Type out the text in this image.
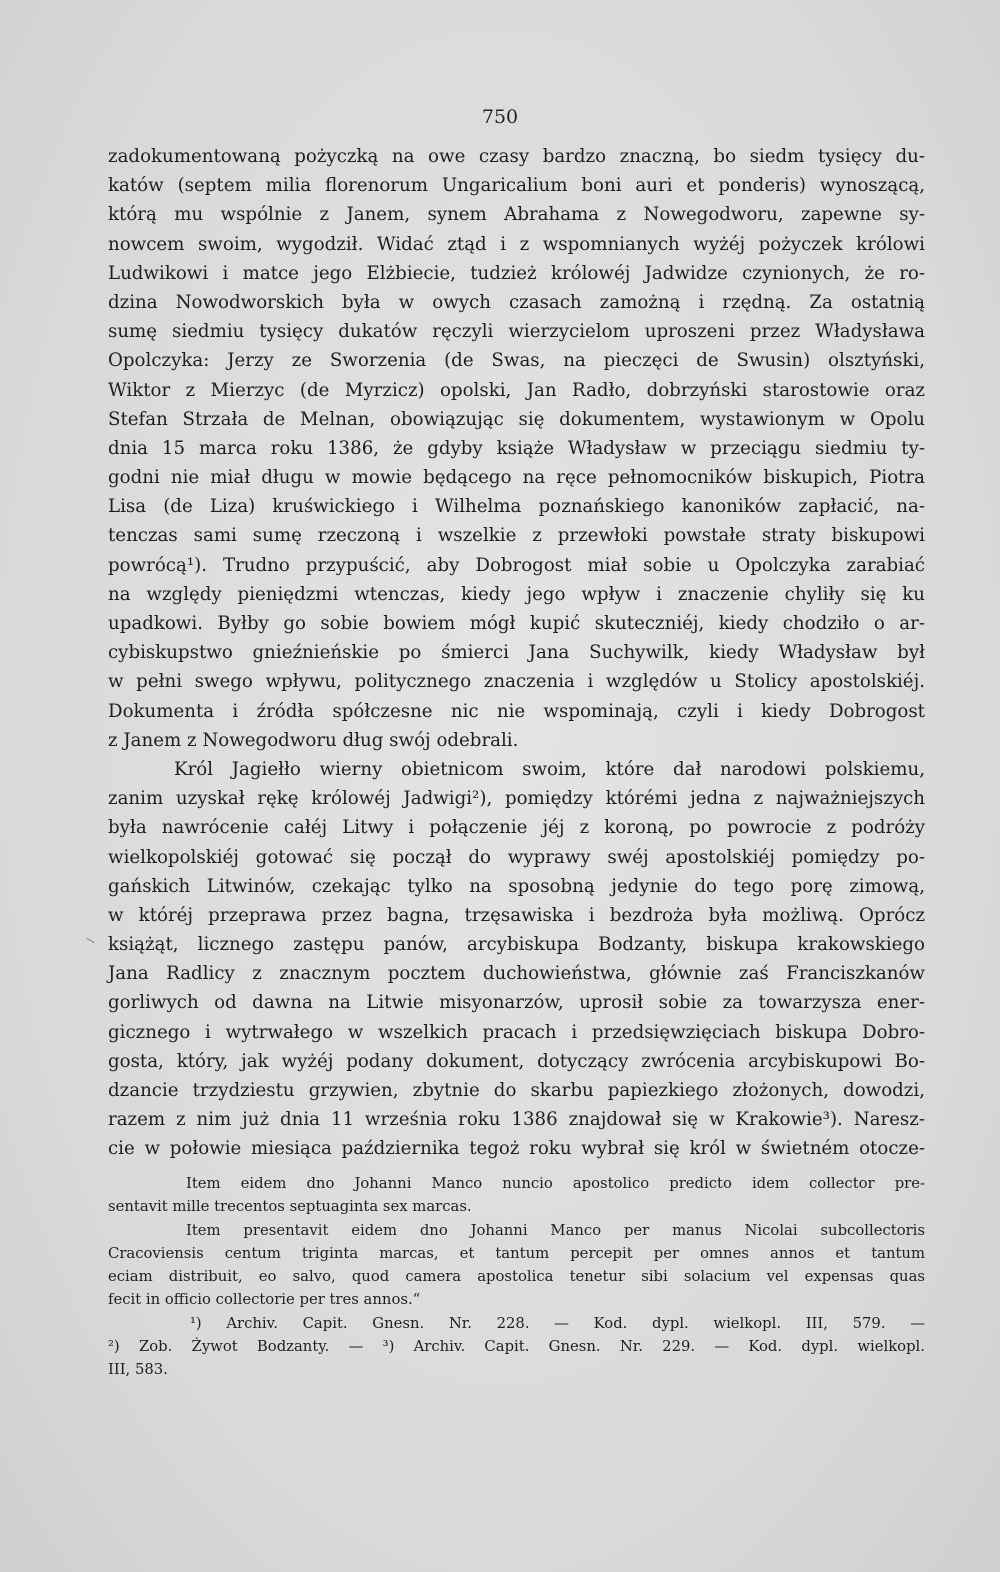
750
zadokumentowaną pożyczką na owe czasy bardzo znaczną, bo siedm tysięcy du-
katów (septem milia florenorum Ungaricalium boni auri et ponderis) wynoszącą,
którą mu wspólnie z Janem, synem Abrahama z Nowegodworu, zapewne sy-
nowcem swoim, wygodził. Widać ztąd i z wspomnianych wyżéj pożyczek królowi
Ludwikowi i matce jego Elżbiecie, tudzież królowéj Jadwidze czynionych, że ro-
dzina Nowodworskich była w owych czasach zamożną i rzędną. Za ostatnią
sumę siedmiu tysięcy dukatów ręczyli wierzycielom uproszeni przez Władysława
Opolczyka: Jerzy ze Sworzenia (de Swas, na pieczęci de Swusin) olsztyński,
Wiktor z Mierzyc (de Myrzicz) opolski, Jan Radło, dobrzyński starostowie oraz
Stefan Strzała de Melnan, obowiązując się dokumentem, wystawionym w Opolu
dnia 15 marca roku 1386, że gdyby książe Władysław w przeciągu siedmiu ty-
godni nie miał długu w mowie będącego na ręce pełnomocników biskupich, Piotra
Lisa (de Liza) kruświckiego i Wilhelma poznańskiego kanoników zapłacić, na-
tenczas sami sumę rzeczoną i wszelkie z przewłoki powstałe straty biskupowi
powrócą¹). Trudno przypuścić, aby Dobrogost miał sobie u Opolczyka zarabiać
na względy pieniędzmi wtenczas, kiedy jego wpływ i znaczenie chyliły się ku
upadkowi. Byłby go sobie bowiem mógł kupić skuteczniéj, kiedy chodziło o ar-
cybiskupstwo gnieźnieńskie po śmierci Jana Suchywilk, kiedy Władysław był
w pełni swego wpływu, politycznego znaczenia i względów u Stolicy apostolskiéj.
Dokumenta i źródła spółczesne nic nie wspominają, czyli i kiedy Dobrogost
z Janem z Nowegodworu dług swój odebrali.
Król Jagiełło wierny obietnicom swoim, które dał narodowi polskiemu,
zanim uzyskał rękę królowéj Jadwigi²), pomiędzy którémi jedna z najważniejszych
była nawrócenie całéj Litwy i połączenie jéj z koroną, po powrocie z podróży
wielkopolskiéj gotować się począł do wyprawy swéj apostolskiéj pomiędzy po-
gańskich Litwinów, czekając tylko na sposobną jedynie do tego porę zimową,
w któréj przeprawa przez bagna, trzęsawiska i bezdroża była możliwą. Oprócz
książąt, licznego zastępu panów, arcybiskupa Bodzanty, biskupa krakowskiego
Jana Radlicy z znacznym pocztem duchowieństwa, głównie zaś Franciszkanów
gorliwych od dawna na Litwie misyonarzów, uprosił sobie za towarzysza ener-
gicznego i wytrwałego w wszelkich pracach i przedsięwzięciach biskupa Dobro-
gosta, który, jak wyżéj podany dokument, dotyczący zwrócenia arcybiskupowi Bo-
dzancie trzydziestu grzywien, zbytnie do skarbu papiezkiego złożonych, dowodzi,
razem z nim już dnia 11 września roku 1386 znajdował się w Krakowie³). Naresz-
cie w połowie miesiąca października tegoż roku wybrał się król w świetném otocze-
Item eidem dno Johanni Manco nuncio apostolico predicto idem collector pre-
sentavit mille trecentos septuaginta sex marcas.
Item presentavit eidem dno Johanni Manco per manus Nicolai subcollectoris
Cracoviensis centum triginta marcas, et tantum percepit per omnes annos et tantum
eciam distribuit, eo salvo, quod camera apostolica tenetur sibi solacium vel expensas quas
fecit in officio collectorie per tres annos.“
¹) Archiv. Capit. Gnesn. Nr. 228. — Kod. dypl. wielkopl. III, 579. —
²) Zob. Żywot Bodzanty. — ³) Archiv. Capit. Gnesn. Nr. 229. — Kod. dypl. wielkopl.
III, 583.
